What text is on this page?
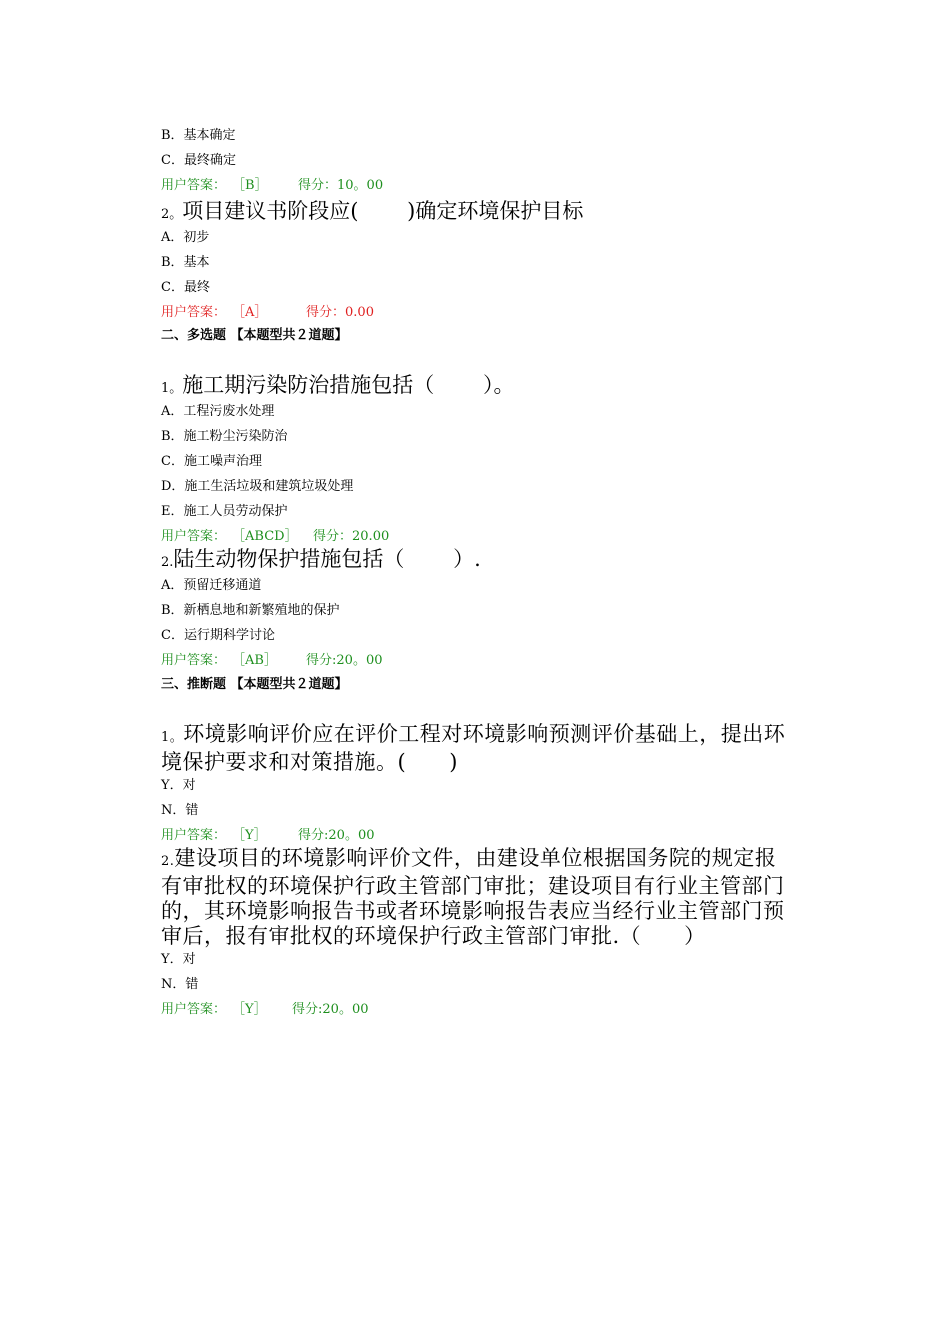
B．基本确定
C．最终确定
用户答案： ［B］ 得分：10。00
2。项目建议书阶段应(　　 )确定环境保护目标
A．初步
B．基本
C．最终
用户答案： ［A］	得分：0.00
二、多选题 【本题型共２道题】
1。施工期污染防治措施包括（　　 ）。
A．工程污废水处理
B．施工粉尘污染防治
C．施工噪声治理
D．施工生活垃圾和建筑垃圾处理
E．施工人员劳动保护
用户答案： ［ABCD］ 得分：20.00
2.陆生动物保护措施包括（　　 ）.
A．预留迁移通道
B．新栖息地和新繁殖地的保护
C．运行期科学讨论
用户答案： ［AB］ 得分:20。00
三、推断题 【本题型共２道题】
1。环境影响评价应在评价工程对环境影响预测评价基础上，提出环境保护要求和对策措施。(　　)
Y．对
N．错
用户答案： ［Y］ 得分:20。00
2.建设项目的环境影响评价文件，由建设单位根据国务院的规定报有审批权的环境保护行政主管部门审批；建设项目有行业主管部门的，其环境影响报告书或者环境影响报告表应当经行业主管部门预审后，报有审批权的环境保护行政主管部门审批.（　　）
Y．对
N．错
用户答案： ［Y］ 得分:20。00
